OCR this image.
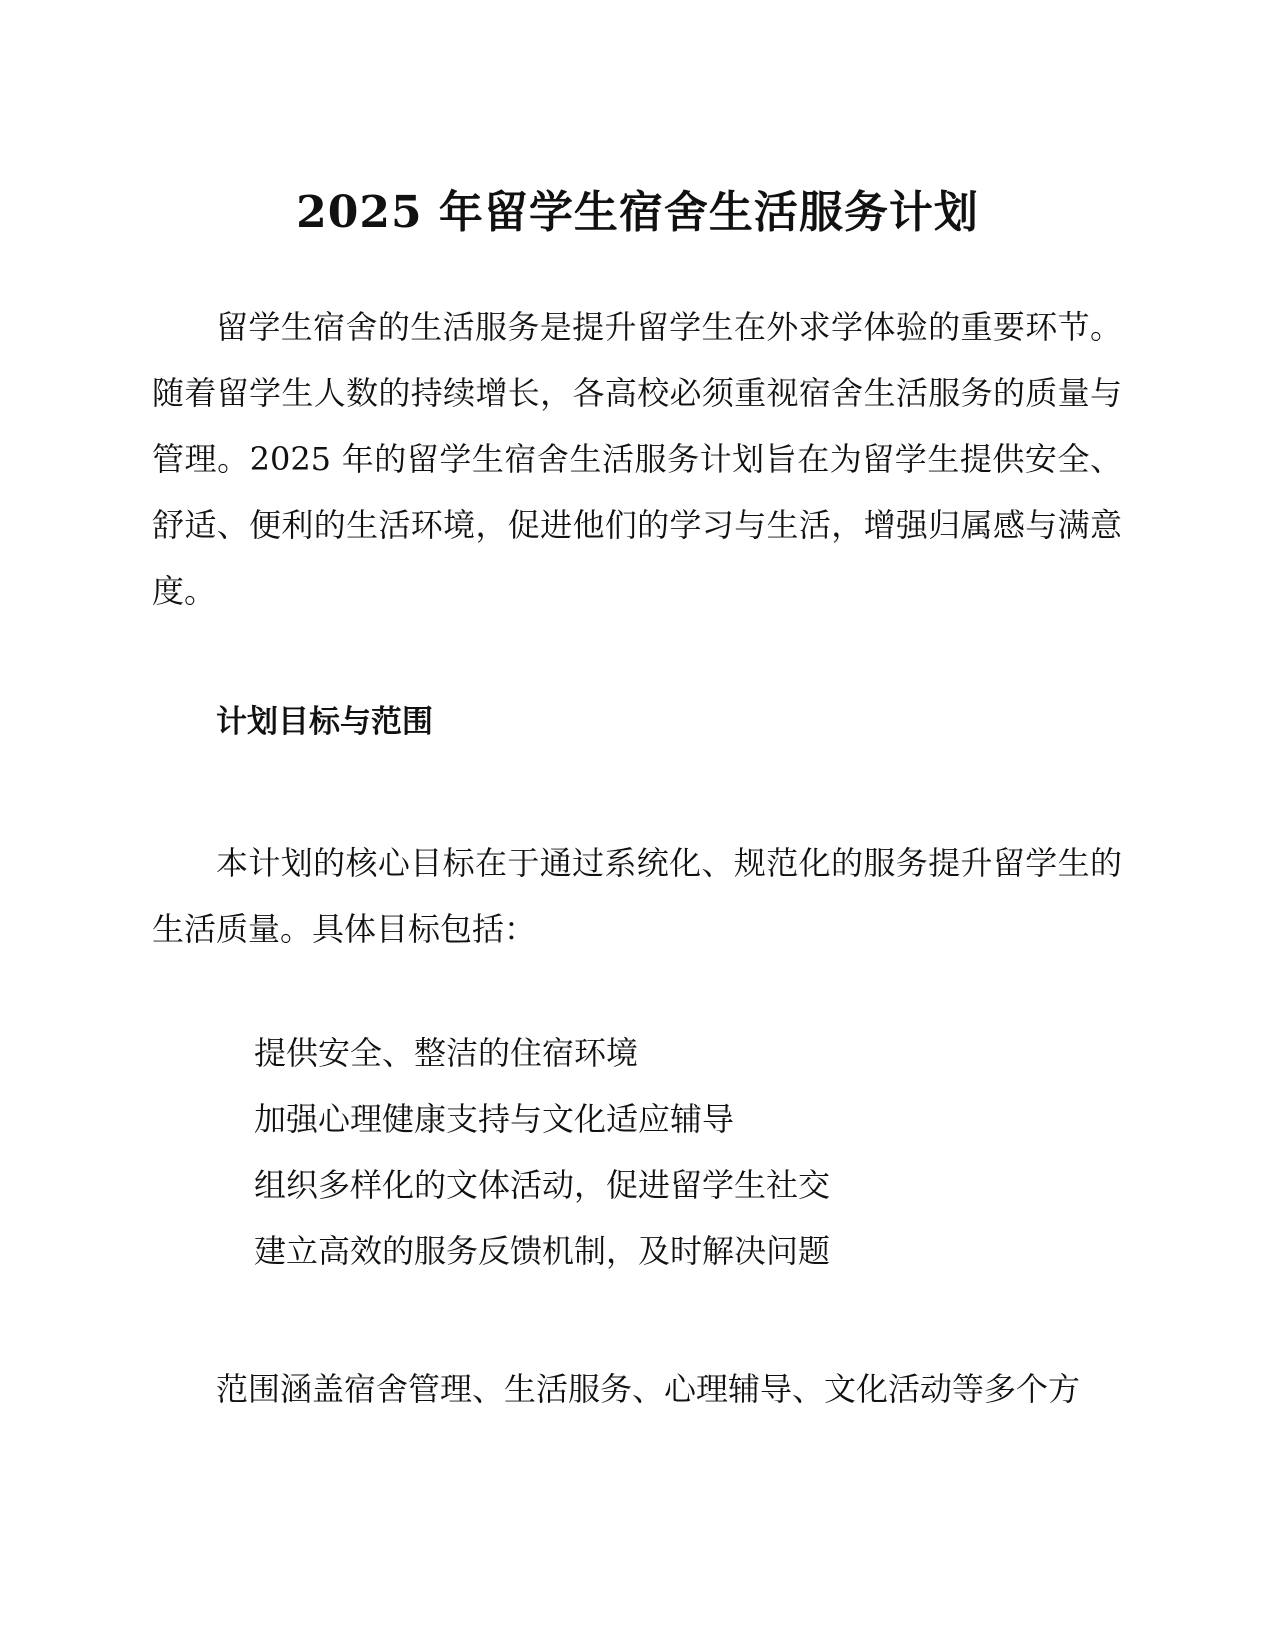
2025 年留学生宿舍生活服务计划

留学生宿舍的生活服务是提升留学生在外求学体验的重要环节。随着留学生人数的持续增长，各高校必须重视宿舍生活服务的质量与管理。2025 年的留学生宿舍生活服务计划旨在为留学生提供安全、舒适、便利的生活环境，促进他们的学习与生活，增强归属感与满意度。

计划目标与范围

本计划的核心目标在于通过系统化、规范化的服务提升留学生的生活质量。具体目标包括：

提供安全、整洁的住宿环境
加强心理健康支持与文化适应辅导
组织多样化的文体活动，促进留学生社交
建立高效的服务反馈机制，及时解决问题

范围涵盖宿舍管理、生活服务、心理辅导、文化活动等多个方
